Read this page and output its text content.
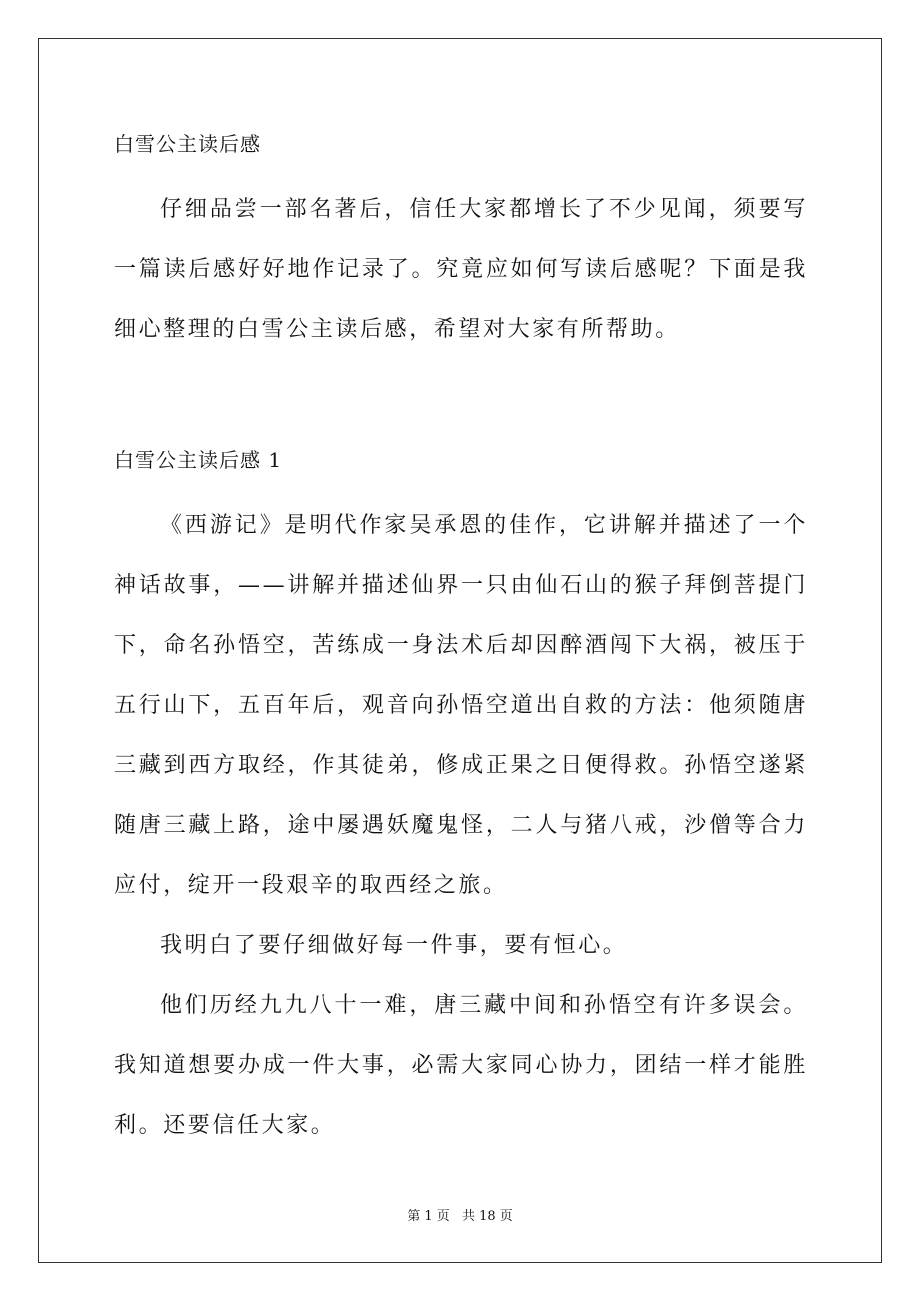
白雪公主读后感

仔细品尝一部名著后，信任大家都增长了不少见闻，须要写一篇读后感好好地作记录了。究竟应如何写读后感呢？下面是我细心整理的白雪公主读后感，希望对大家有所帮助。

白雪公主读后感 1

《西游记》是明代作家吴承恩的佳作，它讲解并描述了一个神话故事，——讲解并描述仙界一只由仙石山的猴子拜倒菩提门下，命名孙悟空，苦练成一身法术后却因醉酒闯下大祸，被压于五行山下，五百年后，观音向孙悟空道出自救的方法：他须随唐三藏到西方取经，作其徒弟，修成正果之日便得救。孙悟空遂紧随唐三藏上路，途中屡遇妖魔鬼怪，二人与猪八戒，沙僧等合力应付，绽开一段艰辛的取西经之旅。

我明白了要仔细做好每一件事，要有恒心。

他们历经九九八十一难，唐三藏中间和孙悟空有许多误会。我知道想要办成一件大事，必需大家同心协力，团结一样才能胜利。还要信任大家。

第 1 页 共 18 页
